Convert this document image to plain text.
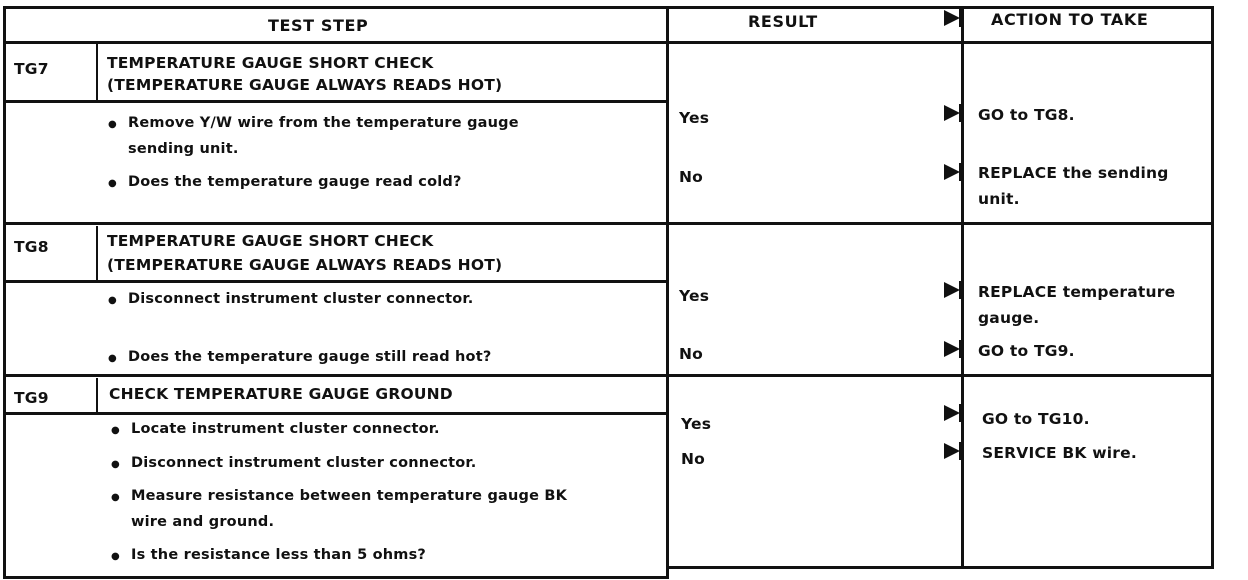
TEST STEP	RESULT	ACTION TO TAKE
TG7	TEMPERATURE GAUGE SHORT CHECK
(TEMPERATURE GAUGE ALWAYS READS HOT)
● Remove Y/W wire from the temperature gauge
sending unit.
● Does the temperature gauge read cold?
Yes	GO to TG8.
No	REPLACE the sending
unit.
TG8	TEMPERATURE GAUGE SHORT CHECK
(TEMPERATURE GAUGE ALWAYS READS HOT)
● Disconnect instrument cluster connector.
● Does the temperature gauge still read hot?
Yes	REPLACE temperature
gauge.
No	GO to TG9.
TG9	CHECK TEMPERATURE GAUGE GROUND
● Locate instrument cluster connector.
● Disconnect instrument cluster connector.
● Measure resistance between temperature gauge BK
wire and ground.
● Is the resistance less than 5 ohms?
Yes	GO to TG10.
No	SERVICE BK wire.
